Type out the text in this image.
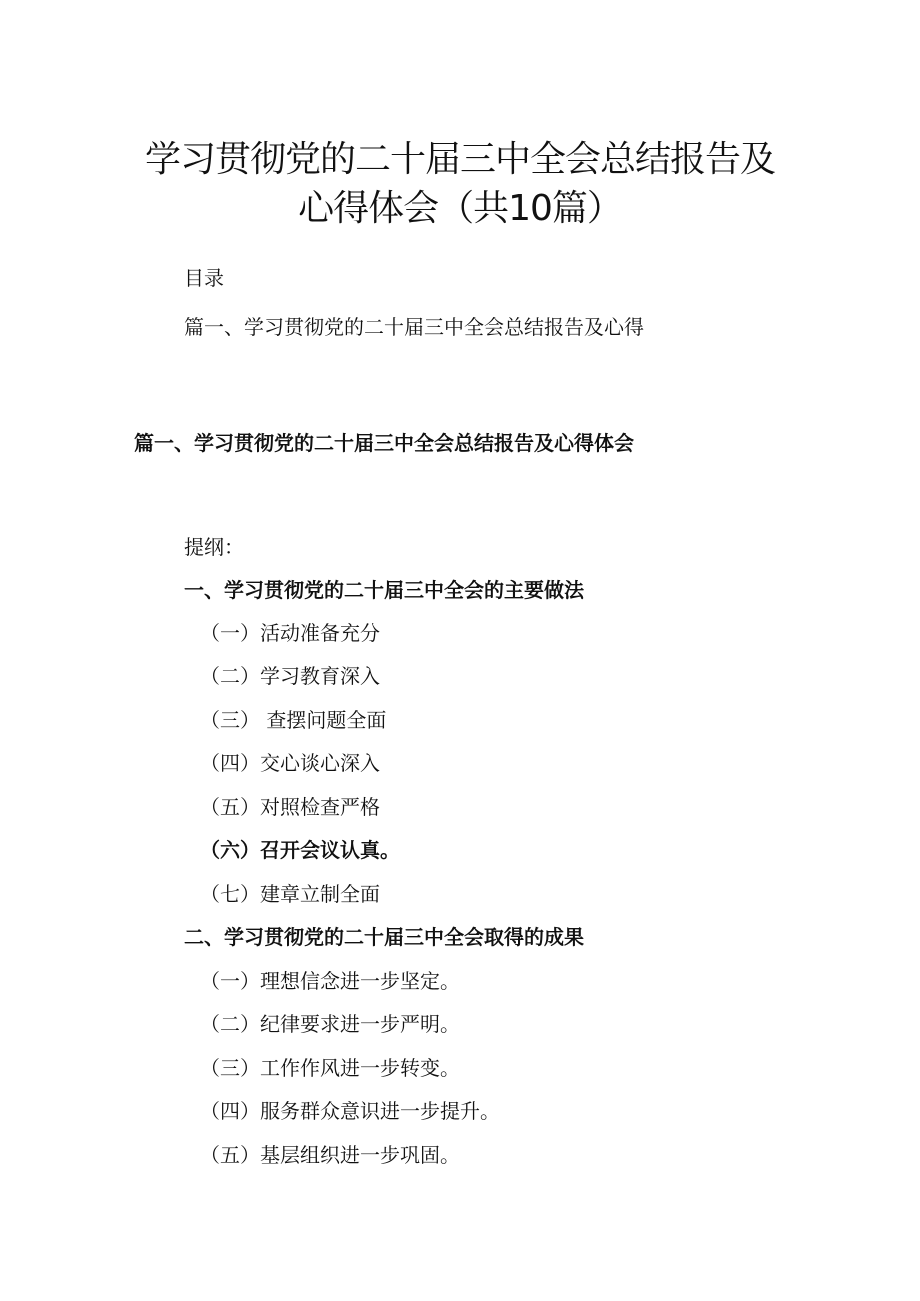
学习贯彻党的二十届三中全会总结报告及
心得体会（共10篇）

目录

篇一、学习贯彻党的二十届三中全会总结报告及心得

篇一、学习贯彻党的二十届三中全会总结报告及心得体会

提纲：

一、学习贯彻党的二十届三中全会的主要做法

（一）活动准备充分

（二）学习教育深入

（三） 查摆问题全面

（四）交心谈心深入

（五）对照检查严格

（六）召开会议认真。

（七）建章立制全面

二、学习贯彻党的二十届三中全会取得的成果

（一）理想信念进一步坚定。

（二）纪律要求进一步严明。

（三）工作作风进一步转变。

（四）服务群众意识进一步提升。

（五）基层组织进一步巩固。
